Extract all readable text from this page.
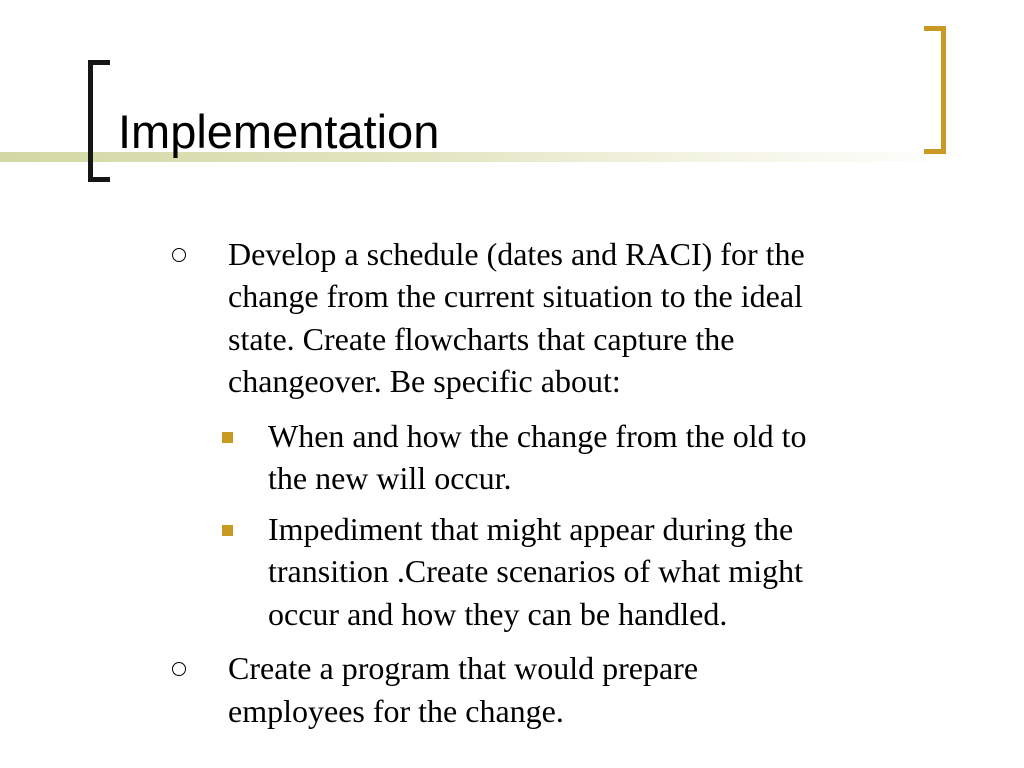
Implementation
Develop a schedule (dates and RACI) for the
change from the current situation to the ideal
state. Create flowcharts that capture the
changeover. Be specific about:
When and how the change from the old to
the new will occur.
Impediment that might appear during the
transition .Create scenarios of what might
occur and how they can be handled.
Create a program that would prepare
employees for the change.
